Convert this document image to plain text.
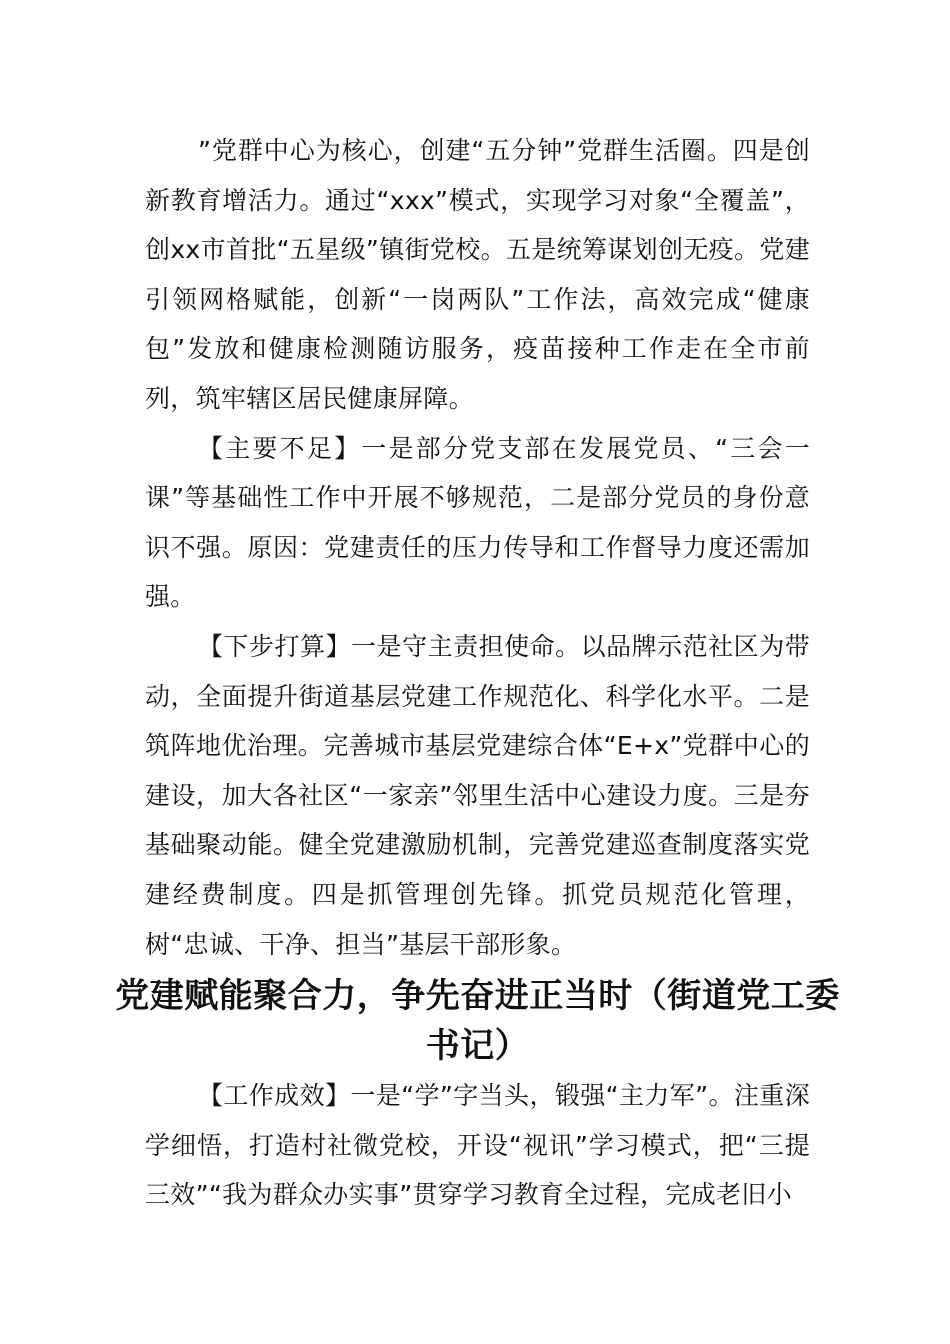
”党群中心为核心，创建“五分钟”党群生活圈。四是创新教育增活力。通过“xxx”模式，实现学习对象“全覆盖”，创xx市首批“五星级”镇街党校。五是统筹谋划创无疫。党建引领网格赋能，创新“一岗两队”工作法，高效完成“健康包”发放和健康检测随访服务，疫苗接种工作走在全市前列，筑牢辖区居民健康屏障。

【主要不足】一是部分党支部在发展党员、“三会一课”等基础性工作中开展不够规范，二是部分党员的身份意识不强。原因：党建责任的压力传导和工作督导力度还需加强。

【下步打算】一是守主责担使命。以品牌示范社区为带动，全面提升街道基层党建工作规范化、科学化水平。二是筑阵地优治理。完善城市基层党建综合体“E+x”党群中心的建设，加大各社区“一家亲”邻里生活中心建设力度。三是夯基础聚动能。健全党建激励机制，完善党建巡查制度落实党建经费制度。四是抓管理创先锋。抓党员规范化管理，树“忠诚、干净、担当”基层干部形象。

党建赋能聚合力，争先奋进正当时（街道党工委书记）

【工作成效】一是“学”字当头，锻强“主力军”。注重深学细悟，打造村社微党校，开设“视讯”学习模式，把“三提三效”“我为群众办实事”贯穿学习教育全过程，完成老旧小
